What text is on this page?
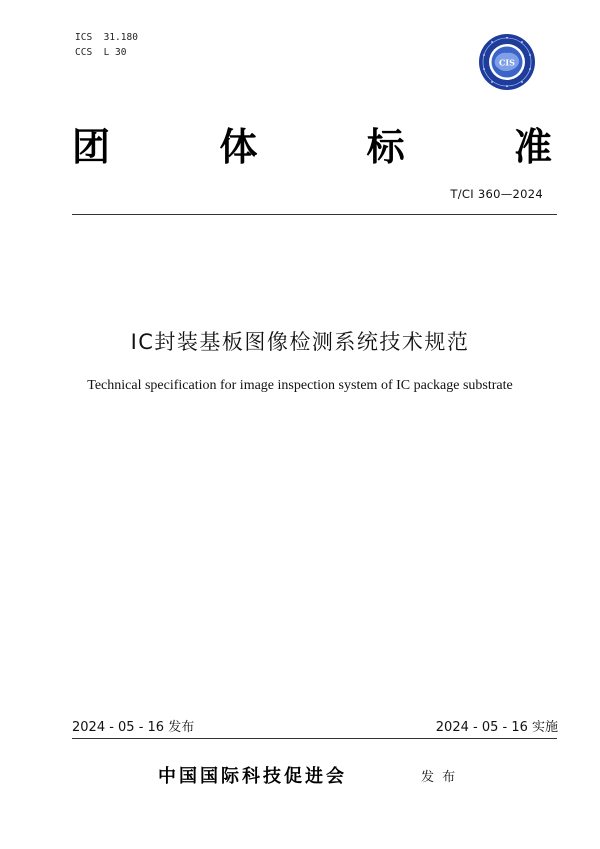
ICS  31.180
CCS  L 30
CIS
团	体	标	准
T/CI 360—2024
IC封装基板图像检测系统技术规范
Technical specification for image inspection system of IC package substrate
2024 - 05 - 16 发布	2024 - 05 - 16 实施
中国国际科技促进会	发 布
